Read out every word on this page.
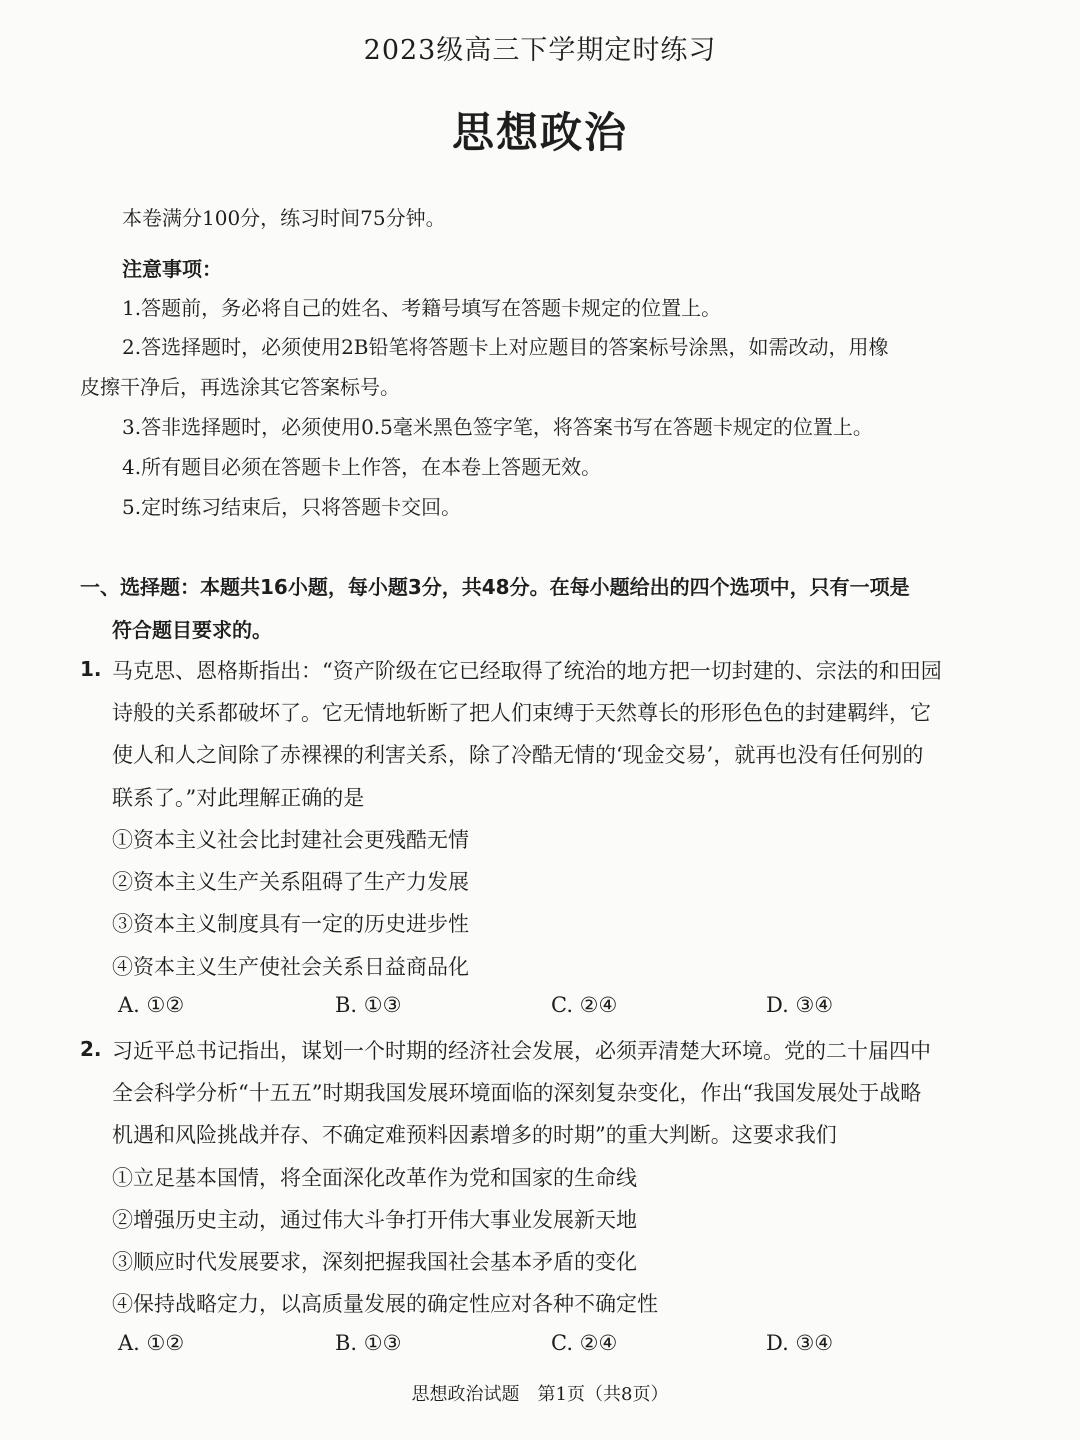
2023级高三下学期定时练习
思想政治
本卷满分100分，练习时间75分钟。
注意事项：
1.答题前，务必将自己的姓名、考籍号填写在答题卡规定的位置上。
2.答选择题时，必须使用2B铅笔将答题卡上对应题目的答案标号涂黑，如需改动，用橡
皮擦干净后，再选涂其它答案标号。
3.答非选择题时，必须使用0.5毫米黑色签字笔，将答案书写在答题卡规定的位置上。
4.所有题目必须在答题卡上作答，在本卷上答题无效。
5.定时练习结束后，只将答题卡交回。
一、选择题：本题共16小题，每小题3分，共48分。在每小题给出的四个选项中，只有一项是
符合题目要求的。
1. 马克思、恩格斯指出：“资产阶级在它已经取得了统治的地方把一切封建的、宗法的和田园
诗般的关系都破坏了。它无情地斩断了把人们束缚于天然尊长的形形色色的封建羁绊，它
使人和人之间除了赤裸裸的利害关系，除了冷酷无情的‘现金交易’，就再也没有任何别的
联系了。”对此理解正确的是
①资本主义社会比封建社会更残酷无情
②资本主义生产关系阻碍了生产力发展
③资本主义制度具有一定的历史进步性
④资本主义生产使社会关系日益商品化
A. ①②	B. ①③	C. ②④	D. ③④
2. 习近平总书记指出，谋划一个时期的经济社会发展，必须弄清楚大环境。党的二十届四中
全会科学分析“十五五”时期我国发展环境面临的深刻复杂变化，作出“我国发展处于战略
机遇和风险挑战并存、不确定难预料因素增多的时期”的重大判断。这要求我们
①立足基本国情，将全面深化改革作为党和国家的生命线
②增强历史主动，通过伟大斗争打开伟大事业发展新天地
③顺应时代发展要求，深刻把握我国社会基本矛盾的变化
④保持战略定力，以高质量发展的确定性应对各种不确定性
A. ①②	B. ①③	C. ②④	D. ③④
思想政治试题　第1页（共8页）
